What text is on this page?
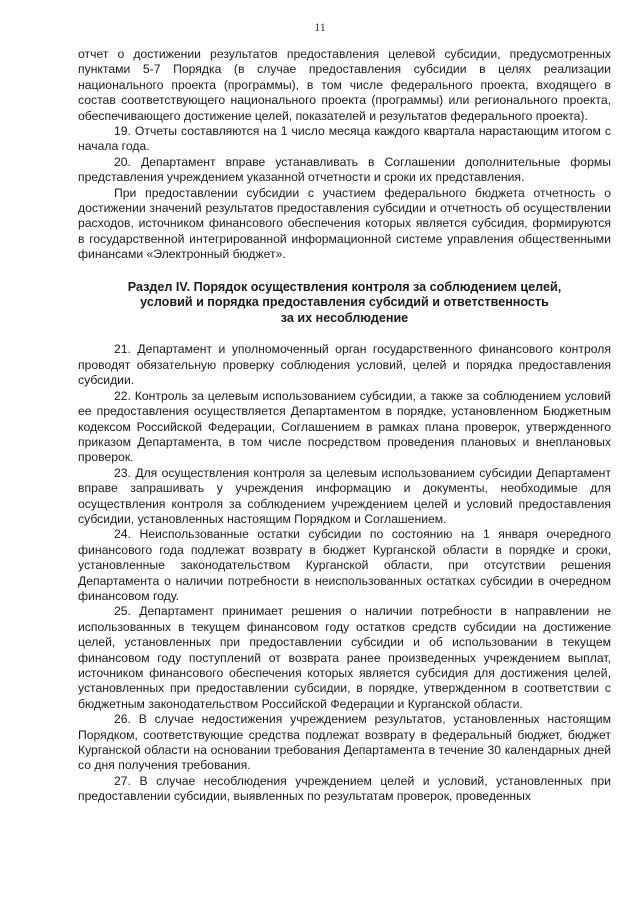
11

отчет о достижении результатов предоставления целевой субсидии, предусмотренных пунктами 5-7 Порядка (в случае предоставления субсидии в целях реализации национального проекта (программы), в том числе федерального проекта, входящего в состав соответствующего национального проекта (программы) или регионального проекта, обеспечивающего достижение целей, показателей и результатов федерального проекта).

19. Отчеты составляются на 1 число месяца каждого квартала нарастающим итогом с начала года.

20. Департамент вправе устанавливать в Соглашении дополнительные формы представления учреждением указанной отчетности и сроки их представления.

При предоставлении субсидии с участием федерального бюджета отчетность о достижении значений результатов предоставления субсидии и отчетность об осуществлении расходов, источником финансового обеспечения которых является субсидия, формируются в государственной интегрированной информационной системе управления общественными финансами «Электронный бюджет».

Раздел IV. Порядок осуществления контроля за соблюдением целей,
условий и порядка предоставления субсидий и ответственность
за их несоблюдение

21. Департамент и уполномоченный орган государственного финансового контроля проводят обязательную проверку соблюдения условий, целей и порядка предоставления субсидии.

22. Контроль за целевым использованием субсидии, а также за соблюдением условий ее предоставления осуществляется Департаментом в порядке, установленном Бюджетным кодексом Российской Федерации, Соглашением в рамках плана проверок, утвержденного приказом Департамента, в том числе посредством проведения плановых и внеплановых проверок.

23. Для осуществления контроля за целевым использованием субсидии Департамент вправе запрашивать у учреждения информацию и документы, необходимые для осуществления контроля за соблюдением учреждением целей и условий предоставления субсидии, установленных настоящим Порядком и Соглашением.

24. Неиспользованные остатки субсидии по состоянию на 1 января очередного финансового года подлежат возврату в бюджет Курганской области в порядке и сроки, установленные законодательством Курганской области, при отсутствии решения Департамента о наличии потребности в неиспользованных остатках субсидии в очередном финансовом году.

25. Департамент принимает решения о наличии потребности в направлении не использованных в текущем финансовом году остатков средств субсидии на достижение целей, установленных при предоставлении субсидии и об использовании в текущем финансовом году поступлений от возврата ранее произведенных учреждением выплат, источником финансового обеспечения которых является субсидия для достижения целей, установленных при предоставлении субсидии, в порядке, утвержденном в соответствии с бюджетным законодательством Российской Федерации и Курганской области.

26. В случае недостижения учреждением результатов, установленных настоящим Порядком, соответствующие средства подлежат возврату в федеральный бюджет, бюджет Курганской области на основании требования Департамента в течение 30 календарных дней со дня получения требования.

27. В случае несоблюдения учреждением целей и условий, установленных при предоставлении субсидии, выявленных по результатам проверок, проведенных
